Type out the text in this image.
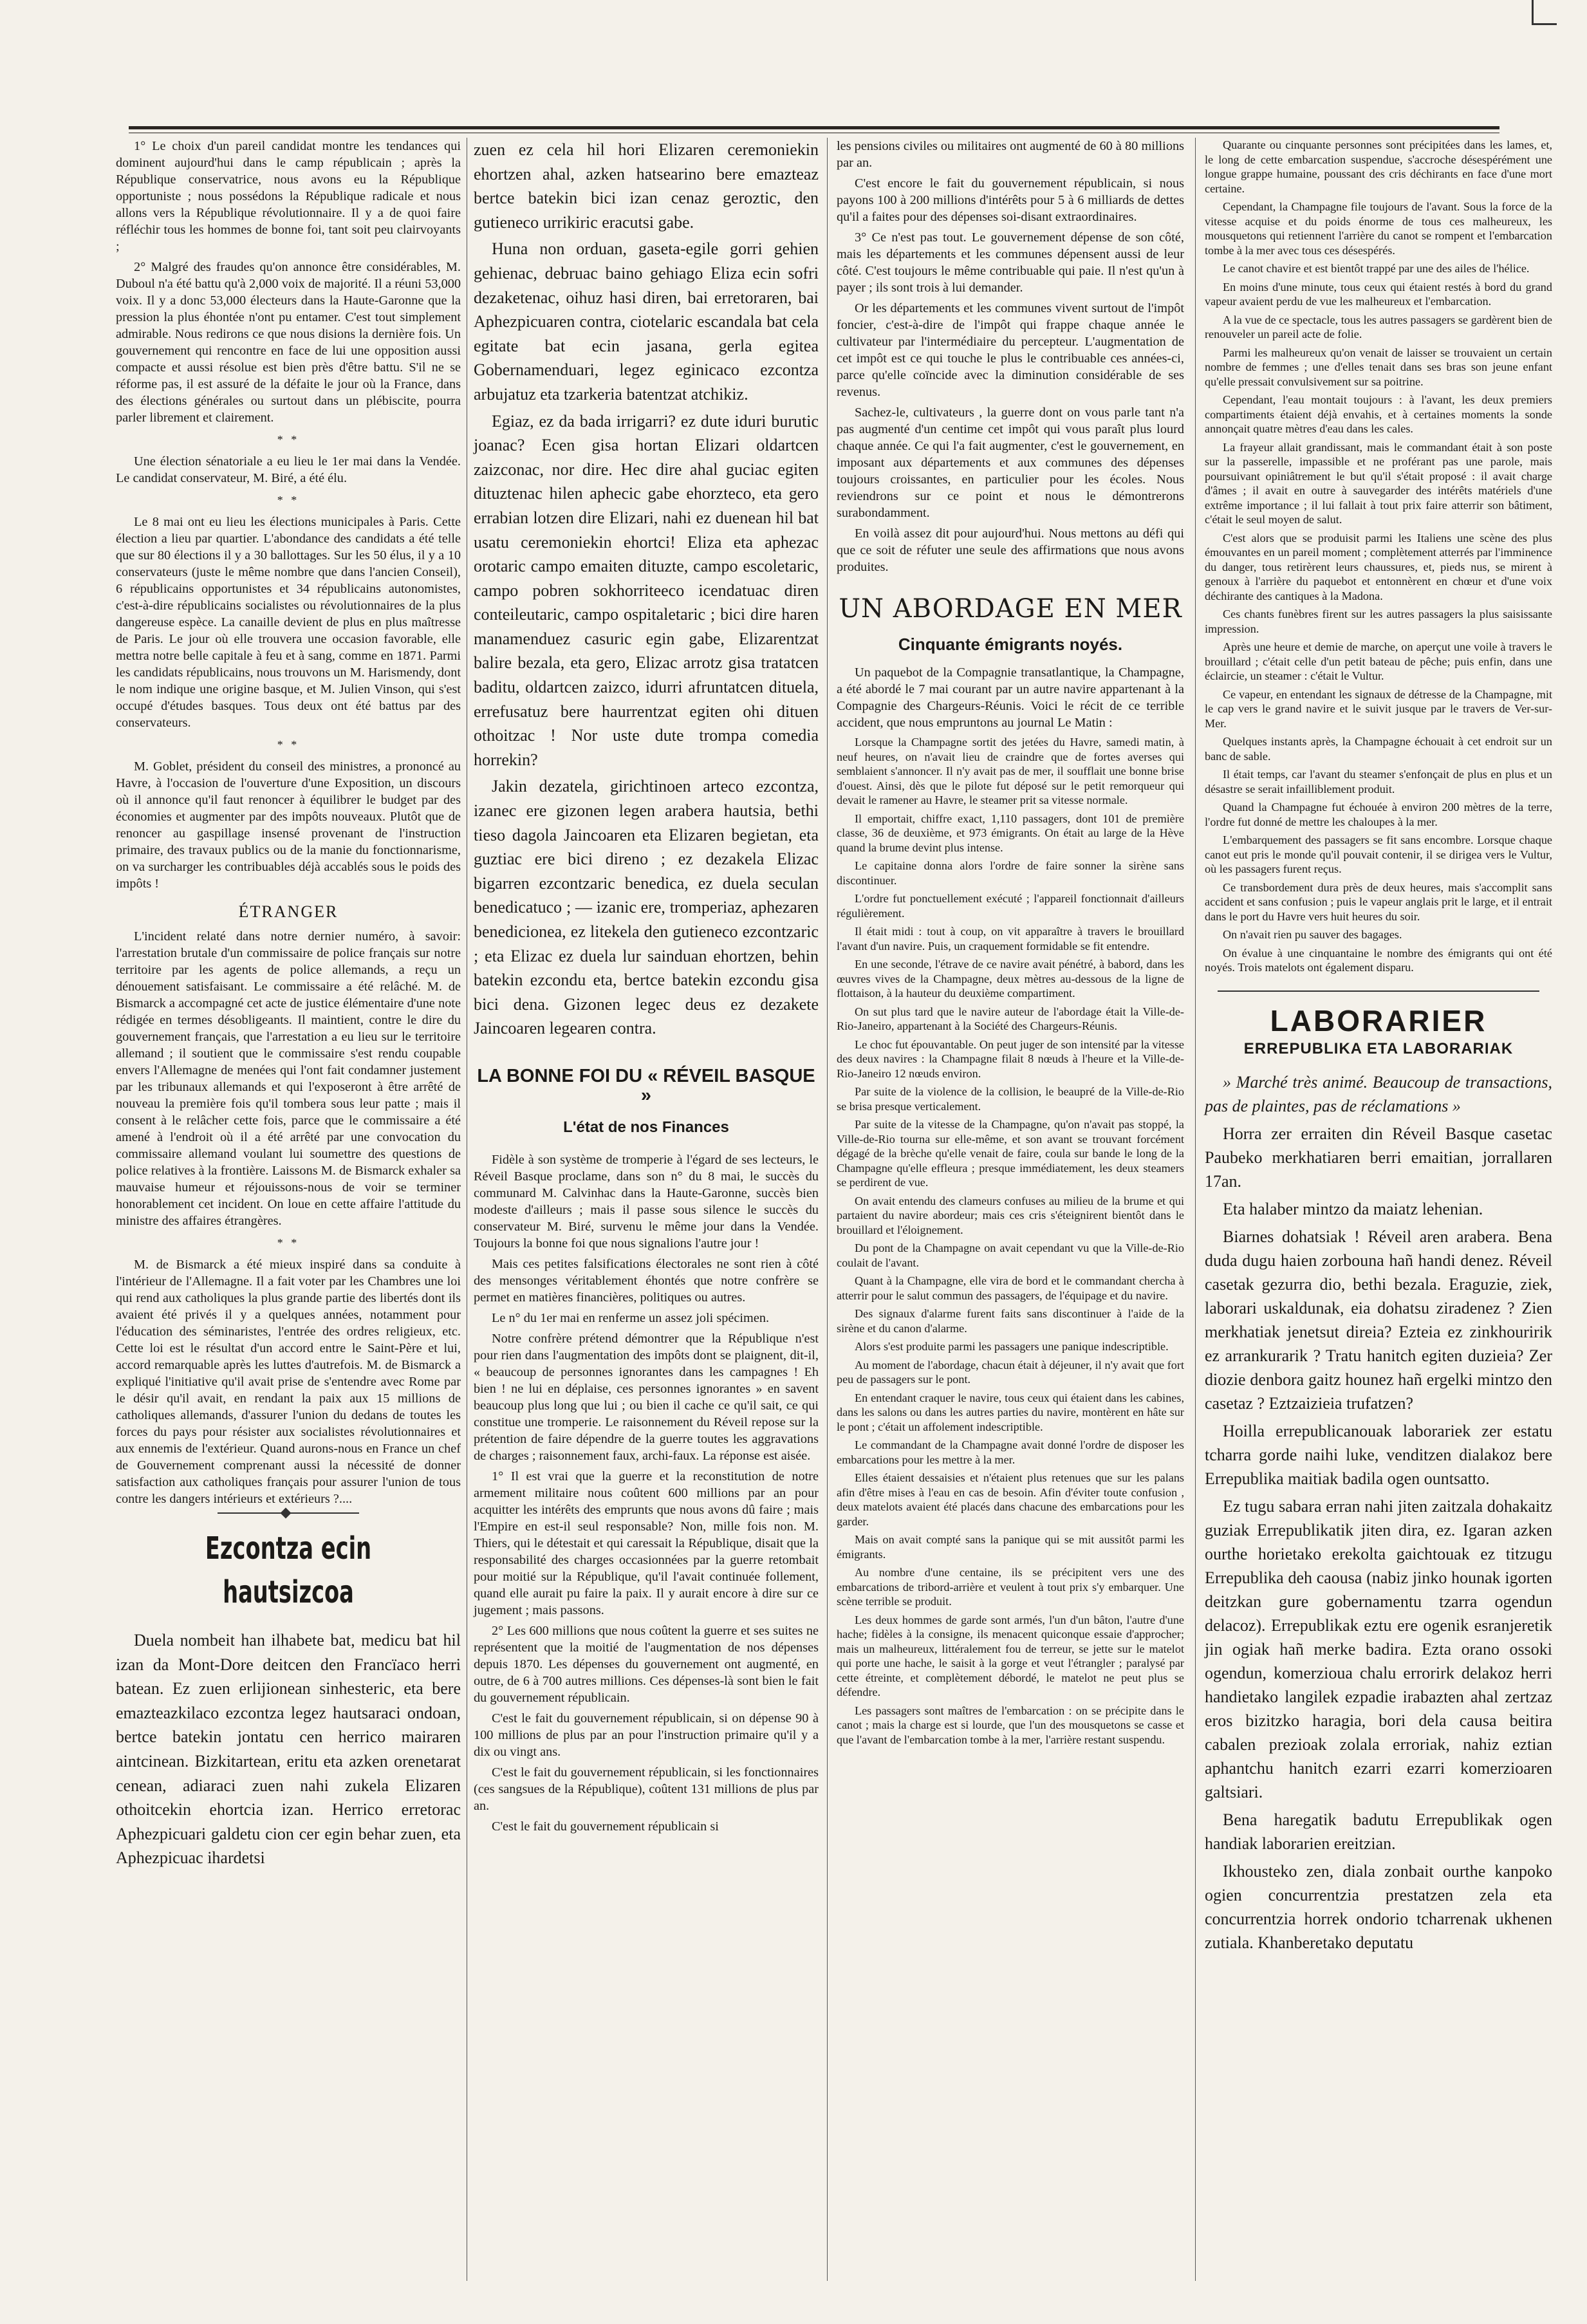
1° Le choix d'un pareil candidat montre les tendances qui dominent aujourd'hui dans le camp républicain ; après la République conservatrice, nous avons eu la République opportuniste ; nous possédons la République radicale et nous allons vers la République révolutionnaire. Il y a de quoi faire réfléchir tous les hommes de bonne foi, tant soit peu clairvoyants ;

2° Malgré des fraudes qu'on annonce être considérables, M. Duboul n'a été battu qu'à 2,000 voix de majorité. Il a réuni 53,000 voix. Il y a donc 53,000 électeurs dans la Haute-Garonne que la pression la plus éhontée n'ont pu entamer. C'est tout simplement admirable. Nous redirons ce que nous disions la dernière fois. Un gouvernement qui rencontre en face de lui une opposition aussi compacte et aussi résolue est bien près d'être battu. S'il ne se réforme pas, il est assuré de la défaite le jour où la France, dans des élections générales ou surtout dans un plébiscite, pourra parler librement et clairement.

* *

Une élection sénatoriale a eu lieu le 1er mai dans la Vendée. Le candidat conservateur, M. Biré, a été élu.

* *

Le 8 mai ont eu lieu les élections municipales à Paris. Cette élection a lieu par quartier. L'abondance des candidats a été telle que sur 80 élections il y a 30 ballottages. Sur les 50 élus, il y a 10 conservateurs (juste le même nombre que dans l'ancien Conseil), 6 républicains opportunistes et 34 républicains autonomistes, c'est-à-dire républicains socialistes ou révolutionnaires de la plus dangereuse espèce. La canaille devient de plus en plus maîtresse de Paris. Le jour où elle trouvera une occasion favorable, elle mettra notre belle capitale à feu et à sang, comme en 1871. Parmi les candidats républicains, nous trouvons un M. Harismendy, dont le nom indique une origine basque, et M. Julien Vinson, qui s'est occupé d'études basques. Tous deux ont été battus par des conservateurs.

* *

M. Goblet, président du conseil des ministres, a prononcé au Havre, à l'occasion de l'ouverture d'une Exposition, un discours où il annonce qu'il faut renoncer à équilibrer le budget par des économies et augmenter par des impôts nouveaux. Plutôt que de renoncer au gaspillage insensé provenant de l'instruction primaire, des travaux publics ou de la manie du fonctionnarisme, on va surcharger les contribuables déjà accablés sous le poids des impôts !

ÉTRANGER

L'incident relaté dans notre dernier numéro, à savoir: l'arrestation brutale d'un commissaire de police français sur notre territoire par les agents de police allemands, a reçu un dénouement satisfaisant. Le commissaire a été relâché. M. de Bismarck a accompagné cet acte de justice élémentaire d'une note rédigée en termes désobligeants. Il maintient, contre le dire du gouvernement français, que l'arrestation a eu lieu sur le territoire allemand ; il soutient que le commissaire s'est rendu coupable envers l'Allemagne de menées qui l'ont fait condamner justement par les tribunaux allemands et qui l'exposeront à être arrêté de nouveau la première fois qu'il tombera sous leur patte ; mais il consent à le relâcher cette fois, parce que le commissaire a été amené à l'endroit où il a été arrêté par une convocation du commissaire allemand voulant lui soumettre des questions de police relatives à la frontière. Laissons M. de Bismarck exhaler sa mauvaise humeur et réjouissons-nous de voir se terminer honorablement cet incident. On loue en cette affaire l'attitude du ministre des affaires étrangères.

* *

M. de Bismarck a été mieux inspiré dans sa conduite à l'intérieur de l'Allemagne. Il a fait voter par les Chambres une loi qui rend aux catholiques la plus grande partie des libertés dont ils avaient été privés il y a quelques années, notamment pour l'éducation des séminaristes, l'entrée des ordres religieux, etc. Cette loi est le résultat d'un accord entre le Saint-Père et lui, accord remarquable après les luttes d'autrefois. M. de Bismarck a expliqué l'initiative qu'il avait prise de s'entendre avec Rome par le désir qu'il avait, en rendant la paix aux 15 millions de catholiques allemands, d'assurer l'union du dedans de toutes les forces du pays pour résister aux socialistes révolutionnaires et aux ennemis de l'extérieur. Quand aurons-nous en France un chef de Gouvernement comprenant aussi la nécessité de donner satisfaction aux catholiques français pour assurer l'union de tous contre les dangers intérieurs et extérieurs ?....

Ezcontza ecin hautsizcoa

Duela nombeit han ilhabete bat, medicu bat hil izan da Mont-Dore deitcen den Francïaco herri batean. Ez zuen erlijionean sinhesteric, eta bere emazteazkilaco ezcontza legez hautsaraci ondoan, bertce batekin jontatu cen herrico mairaren aintcinean. Bizkitartean, eritu eta azken orenetarat cenean, adiaraci zuen nahi zukela Elizaren othoitcekin ehortcia izan. Herrico erretorac Aphezpicuari galdetu cion cer egin behar zuen, eta Aphezpicuac ihardetsi

zuen ez cela hil hori Elizaren ceremoniekin ehortzen ahal, azken hatsearino bere emazteaz bertce batekin bici izan cenaz geroztic, den gutieneco urrikiric eracutsi gabe.

Huna non orduan, gaseta-egile gorri gehien gehienac, debruac baino gehiago Eliza ecin sofri dezaketenac, oihuz hasi diren, bai erretoraren, bai Aphezpicuaren contra, ciotelaric escandala bat cela egitate bat ecin jasana, gerla egitea Gobernamenduari, legez eginicaco ezcontza arbujatuz eta tzarkeria batentzat atchikiz.

Egiaz, ez da bada irrigarri? ez dute iduri burutic joanac? Ecen gisa hortan Elizari oldartcen zaizconac, nor dire. Hec dire ahal guciac egiten dituztenac hilen aphecic gabe ehorzteco, eta gero errabian lotzen dire Elizari, nahi ez duenean hil bat usatu ceremoniekin ehortci! Eliza eta aphezac orotaric campo emaiten dituzte, campo escoletaric, campo pobren sokhorriteeco icendatuac diren conteileutaric, campo ospitaletaric ; bici dire haren manamenduez casuric egin gabe, Elizarentzat balire bezala, eta gero, Elizac arrotz gisa tratatcen baditu, oldartcen zaizco, idurri afruntatcen dituela, errefusatuz bere haurrentzat egiten ohi dituen othoitzac ! Nor uste dute trompa comedia horrekin?

Jakin dezatela, girichtinoen arteco ezcontza, izanec ere gizonen legen arabera hautsia, bethi tieso dagola Jaincoaren eta Elizaren begietan, eta guztiac ere bici direno ; ez dezakela Elizac bigarren ezcontzaric benedica, ez duela seculan benedicatuco ; — izanic ere, tromperiaz, aphezaren benedicionea, ez litekela den gutieneco ezcontzaric ; eta Elizac ez duela lur sainduan ehortzen, behin batekin ezcondu eta, bertce batekin ezcondu gisa bici dena. Gizonen legec deus ez dezakete Jaincoaren legearen contra.

LA BONNE FOI DU « RÉVEIL BASQUE »
L'état de nos Finances

Fidèle à son système de tromperie à l'égard de ses lecteurs, le Réveil Basque proclame, dans son n° du 8 mai, le succès du communard M. Calvinhac dans la Haute-Garonne, succès bien modeste d'ailleurs ; mais il passe sous silence le succès du conservateur M. Biré, survenu le même jour dans la Vendée. Toujours la bonne foi que nous signalions l'autre jour !

Mais ces petites falsifications électorales ne sont rien à côté des mensonges véritablement éhontés que notre confrère se permet en matières financières, politiques ou autres.

Le n° du 1er mai en renferme un assez joli spécimen.

Notre confrère prétend démontrer que la République n'est pour rien dans l'augmentation des impôts dont se plaignent, dit-il, « beaucoup de personnes ignorantes dans les campagnes ! Eh bien ! ne lui en déplaise, ces personnes ignorantes » en savent beaucoup plus long que lui ; ou bien il cache ce qu'il sait, ce qui constitue une tromperie. Le raisonnement du Réveil repose sur la prétention de faire dépendre de la guerre toutes les aggravations de charges ; raisonnement faux, archi-faux. La réponse est aisée.

1° Il est vrai que la guerre et la reconstitution de notre armement militaire nous coûtent 600 millions par an pour acquitter les intérêts des emprunts que nous avons dû faire ; mais l'Empire en est-il seul responsable? Non, mille fois non. M. Thiers, qui le détestait et qui caressait la République, disait que la responsabilité des charges occasionnées par la guerre retombait pour moitié sur la République, qu'il l'avait continuée follement, quand elle aurait pu faire la paix. Il y aurait encore à dire sur ce jugement ; mais passons.

2° Les 600 millions que nous coûtent la guerre et ses suites ne représentent que la moitié de l'augmentation de nos dépenses depuis 1870. Les dépenses du gouvernement ont augmenté, en outre, de 6 à 700 autres millions. Ces dépenses-là sont bien le fait du gouvernement républicain.

C'est le fait du gouvernement républicain, si on dépense 90 à 100 millions de plus par an pour l'instruction primaire qu'il y a dix ou vingt ans.

C'est le fait du gouvernement républicain, si les fonctionnaires (ces sangsues de la République), coûtent 131 millions de plus par an.

C'est le fait du gouvernement républicain si

les pensions civiles ou militaires ont augmenté de 60 à 80 millions par an.

C'est encore le fait du gouvernement républicain, si nous payons 100 à 200 millions d'intérêts pour 5 à 6 milliards de dettes qu'il a faites pour des dépenses soi-disant extraordinaires.

3° Ce n'est pas tout. Le gouvernement dépense de son côté, mais les départements et les communes dépensent aussi de leur côté. C'est toujours le même contribuable qui paie. Il n'est qu'un à payer ; ils sont trois à lui demander.

Or les départements et les communes vivent surtout de l'impôt foncier, c'est-à-dire de l'impôt qui frappe chaque année le cultivateur par l'intermédiaire du percepteur. L'augmentation de cet impôt est ce qui touche le plus le contribuable ces années-ci, parce qu'elle coïncide avec la diminution considérable de ses revenus.

Sachez-le, cultivateurs , la guerre dont on vous parle tant n'a pas augmenté d'un centime cet impôt qui vous paraît plus lourd chaque année. Ce qui l'a fait augmenter, c'est le gouvernement, en imposant aux départements et aux communes des dépenses toujours croissantes, en particulier pour les écoles. Nous reviendrons sur ce point et nous le démontrerons surabondamment.

En voilà assez dit pour aujourd'hui. Nous mettons au défi qui que ce soit de réfuter une seule des affirmations que nous avons produites.

UN ABORDAGE EN MER
Cinquante émigrants noyés.

Un paquebot de la Compagnie transatlantique, la Champagne, a été abordé le 7 mai courant par un autre navire appartenant à la Compagnie des Chargeurs-Réunis. Voici le récit de ce terrible accident, que nous empruntons au journal Le Matin :

Lorsque la Champagne sortit des jetées du Havre, samedi matin, à neuf heures, on n'avait lieu de craindre que de fortes averses qui semblaient s'annoncer. Il n'y avait pas de mer, il soufflait une bonne brise d'ouest. Ainsi, dès que le pilote fut déposé sur le petit remorqueur qui devait le ramener au Havre, le steamer prit sa vitesse normale.

Il emportait, chiffre exact, 1,110 passagers, dont 101 de première classe, 36 de deuxième, et 973 émigrants. On était au large de la Hève quand la brume devint plus intense.

Le capitaine donna alors l'ordre de faire sonner la sirène sans discontinuer.

L'ordre fut ponctuellement exécuté ; l'appareil fonctionnait d'ailleurs régulièrement.

Il était midi : tout à coup, on vit apparaître à travers le brouillard l'avant d'un navire. Puis, un craquement formidable se fit entendre.

En une seconde, l'étrave de ce navire avait pénétré, à babord, dans les œuvres vives de la Champagne, deux mètres au-dessous de la ligne de flottaison, à la hauteur du deuxième compartiment.

On sut plus tard que le navire auteur de l'abordage était la Ville-de-Rio-Janeiro, appartenant à la Société des Chargeurs-Réunis.

Le choc fut épouvantable. On peut juger de son intensité par la vitesse des deux navires : la Champagne filait 8 nœuds à l'heure et la Ville-de-Rio-Janeiro 12 nœuds environ.

Par suite de la violence de la collision, le beaupré de la Ville-de-Rio se brisa presque verticalement.

Par suite de la vitesse de la Champagne, qu'on n'avait pas stoppé, la Ville-de-Rio tourna sur elle-même, et son avant se trouvant forcément dégagé de la brèche qu'elle venait de faire, coula sur bande le long de la Champagne qu'elle effleura ; presque immédiatement, les deux steamers se perdirent de vue.

On avait entendu des clameurs confuses au milieu de la brume et qui partaient du navire abordeur; mais ces cris s'éteignirent bientôt dans le brouillard et l'éloignement.

Du pont de la Champagne on avait cependant vu que la Ville-de-Rio coulait de l'avant.

Quant à la Champagne, elle vira de bord et le commandant chercha à atterrir pour le salut commun des passagers, de l'équipage et du navire.

Des signaux d'alarme furent faits sans discontinuer à l'aide de la sirène et du canon d'alarme.

Alors s'est produite parmi les passagers une panique indescriptible.

Au moment de l'abordage, chacun était à déjeuner, il n'y avait que fort peu de passagers sur le pont.

En entendant craquer le navire, tous ceux qui étaient dans les cabines, dans les salons ou dans les autres parties du navire, montèrent en hâte sur le pont ; c'était un affolement indescriptible.

Le commandant de la Champagne avait donné l'ordre de disposer les embarcations pour les mettre à la mer.

Elles étaient dessaisies et n'étaient plus retenues que sur les palans afin d'être mises à l'eau en cas de besoin. Afin d'éviter toute confusion , deux matelots avaient été placés dans chacune des embarcations pour les garder.

Mais on avait compté sans la panique qui se mit aussitôt parmi les émigrants.

Au nombre d'une centaine, ils se précipitent vers une des embarcations de tribord-arrière et veulent à tout prix s'y embarquer. Une scène terrible se produit.

Les deux hommes de garde sont armés, l'un d'un bâton, l'autre d'une hache; fidèles à la consigne, ils menacent quiconque essaie d'approcher; mais un malheureux, littéralement fou de terreur, se jette sur le matelot qui porte une hache, le saisit à la gorge et veut l'étrangler ; paralysé par cette étreinte, et complètement débordé, le matelot ne peut plus se défendre.

Les passagers sont maîtres de l'embarcation : on se précipite dans le canot ; mais la charge est si lourde, que l'un des mousquetons se casse et que l'avant de l'embarcation tombe à la mer, l'arrière restant suspendu.

Quarante ou cinquante personnes sont précipitées dans les lames, et, le long de cette embarcation suspendue, s'accroche désespérément une longue grappe humaine, poussant des cris déchirants en face d'une mort certaine.

Cependant, la Champagne file toujours de l'avant. Sous la force de la vitesse acquise et du poids énorme de tous ces malheureux, les mousquetons qui retiennent l'arrière du canot se rompent et l'embarcation tombe à la mer avec tous ces désespérés.

Le canot chavire et est bientôt trappé par une des ailes de l'hélice.

En moins d'une minute, tous ceux qui étaient restés à bord du grand vapeur avaient perdu de vue les malheureux et l'embarcation.

A la vue de ce spectacle, tous les autres passagers se gardèrent bien de renouveler un pareil acte de folie.

Parmi les malheureux qu'on venait de laisser se trouvaient un certain nombre de femmes ; une d'elles tenait dans ses bras son jeune enfant qu'elle pressait convulsivement sur sa poitrine.

Cependant, l'eau montait toujours : à l'avant, les deux premiers compartiments étaient déjà envahis, et à certaines moments la sonde annonçait quatre mètres d'eau dans les cales.

La frayeur allait grandissant, mais le commandant était à son poste sur la passerelle, impassible et ne proférant pas une parole, mais poursuivant opiniâtrement le but qu'il s'était proposé : il avait charge d'âmes ; il avait en outre à sauvegarder des intérêts matériels d'une extrême importance ; il lui fallait à tout prix faire atterrir son bâtiment, c'était le seul moyen de salut.

C'est alors que se produisit parmi les Italiens une scène des plus émouvantes en un pareil moment ; complètement atterrés par l'imminence du danger, tous retirèrent leurs chaussures, et, pieds nus, se mirent à genoux à l'arrière du paquebot et entonnèrent en chœur et d'une voix déchirante des cantiques à la Madona.

Ces chants funèbres firent sur les autres passagers la plus saisissante impression.

Après une heure et demie de marche, on aperçut une voile à travers le brouillard ; c'était celle d'un petit bateau de pêche; puis enfin, dans une éclaircie, un steamer : c'était le Vultur.

Ce vapeur, en entendant les signaux de détresse de la Champagne, mit le cap vers le grand navire et le suivit jusque par le travers de Ver-sur-Mer.

Quelques instants après, la Champagne échouait à cet endroit sur un banc de sable.

Il était temps, car l'avant du steamer s'enfonçait de plus en plus et un désastre se serait infailliblement produit.

Quand la Champagne fut échouée à environ 200 mètres de la terre, l'ordre fut donné de mettre les chaloupes à la mer.

L'embarquement des passagers se fit sans encombre. Lorsque chaque canot eut pris le monde qu'il pouvait contenir, il se dirigea vers le Vultur, où les passagers furent reçus.

Ce transbordement dura près de deux heures, mais s'accomplit sans accident et sans confusion ; puis le vapeur anglais prit le large, et il entrait dans le port du Havre vers huit heures du soir.

On n'avait rien pu sauver des bagages.

On évalue à une cinquantaine le nombre des émigrants qui ont été noyés. Trois matelots ont également disparu.

LABORARIER
ERREPUBLIKA ETA LABORARIAK

» Marché très animé. Beaucoup de transactions, pas de plaintes, pas de réclamations »

Horra zer erraiten din Réveil Basque casetac Paubeko merkhatiaren berri emaitian, jorrallaren 17an.

Eta halaber mintzo da maiatz lehenian.

Biarnes dohatsiak ! Réveil aren arabera. Bena duda dugu haien zorbouna hañ handi denez. Réveil casetak gezurra dio, bethi bezala. Eraguzie, ziek, laborari uskaldunak, eia dohatsu ziradenez ? Zien merkhatiak jenetsut direia? Ezteia ez zinkhouririk ez arrankurarik ? Tratu hanitch egiten duzieia? Zer diozie denbora gaitz hounez hañ ergelki mintzo den casetaz ? Eztzaizieia trufatzen?

Hoilla errepublicanouak laborariek zer estatu tcharra gorde naihi luke, venditzen dialakoz bere Errepublika maitiak badila ogen ountsatto.

Ez tugu sabara erran nahi jiten zaitzala dohakaitz guziak Errepublikatik jiten dira, ez. Igaran azken ourthe horietako erekolta gaichtouak ez titzugu Errepublika deh caousa (nabiz jinko hounak igorten deitzkan gure gobernamentu tzarra ogendun delacoz). Errepublikak eztu ere ogenik esranjeretik jin ogiak hañ merke badira. Ezta orano ossoki ogendun, komerzioua chalu errorirk delakoz herri handietako langilek ezpadie irabazten ahal zertzaz eros bizitzko haragia, bori dela causa beitira cabalen prezioak zolala erroriak, nahiz eztian aphantchu hanitch ezarri ezarri komerzioaren galtsiari.

Bena haregatik badutu Errepublikak ogen handiak laborarien ereitzian.

Ikhousteko zen, diala zonbait ourthe kanpoko ogien concurrentzia prestatzen zela eta concurrentzia horrek ondorio tcharrenak ukhenen zutiala. Khanberetako deputatu
